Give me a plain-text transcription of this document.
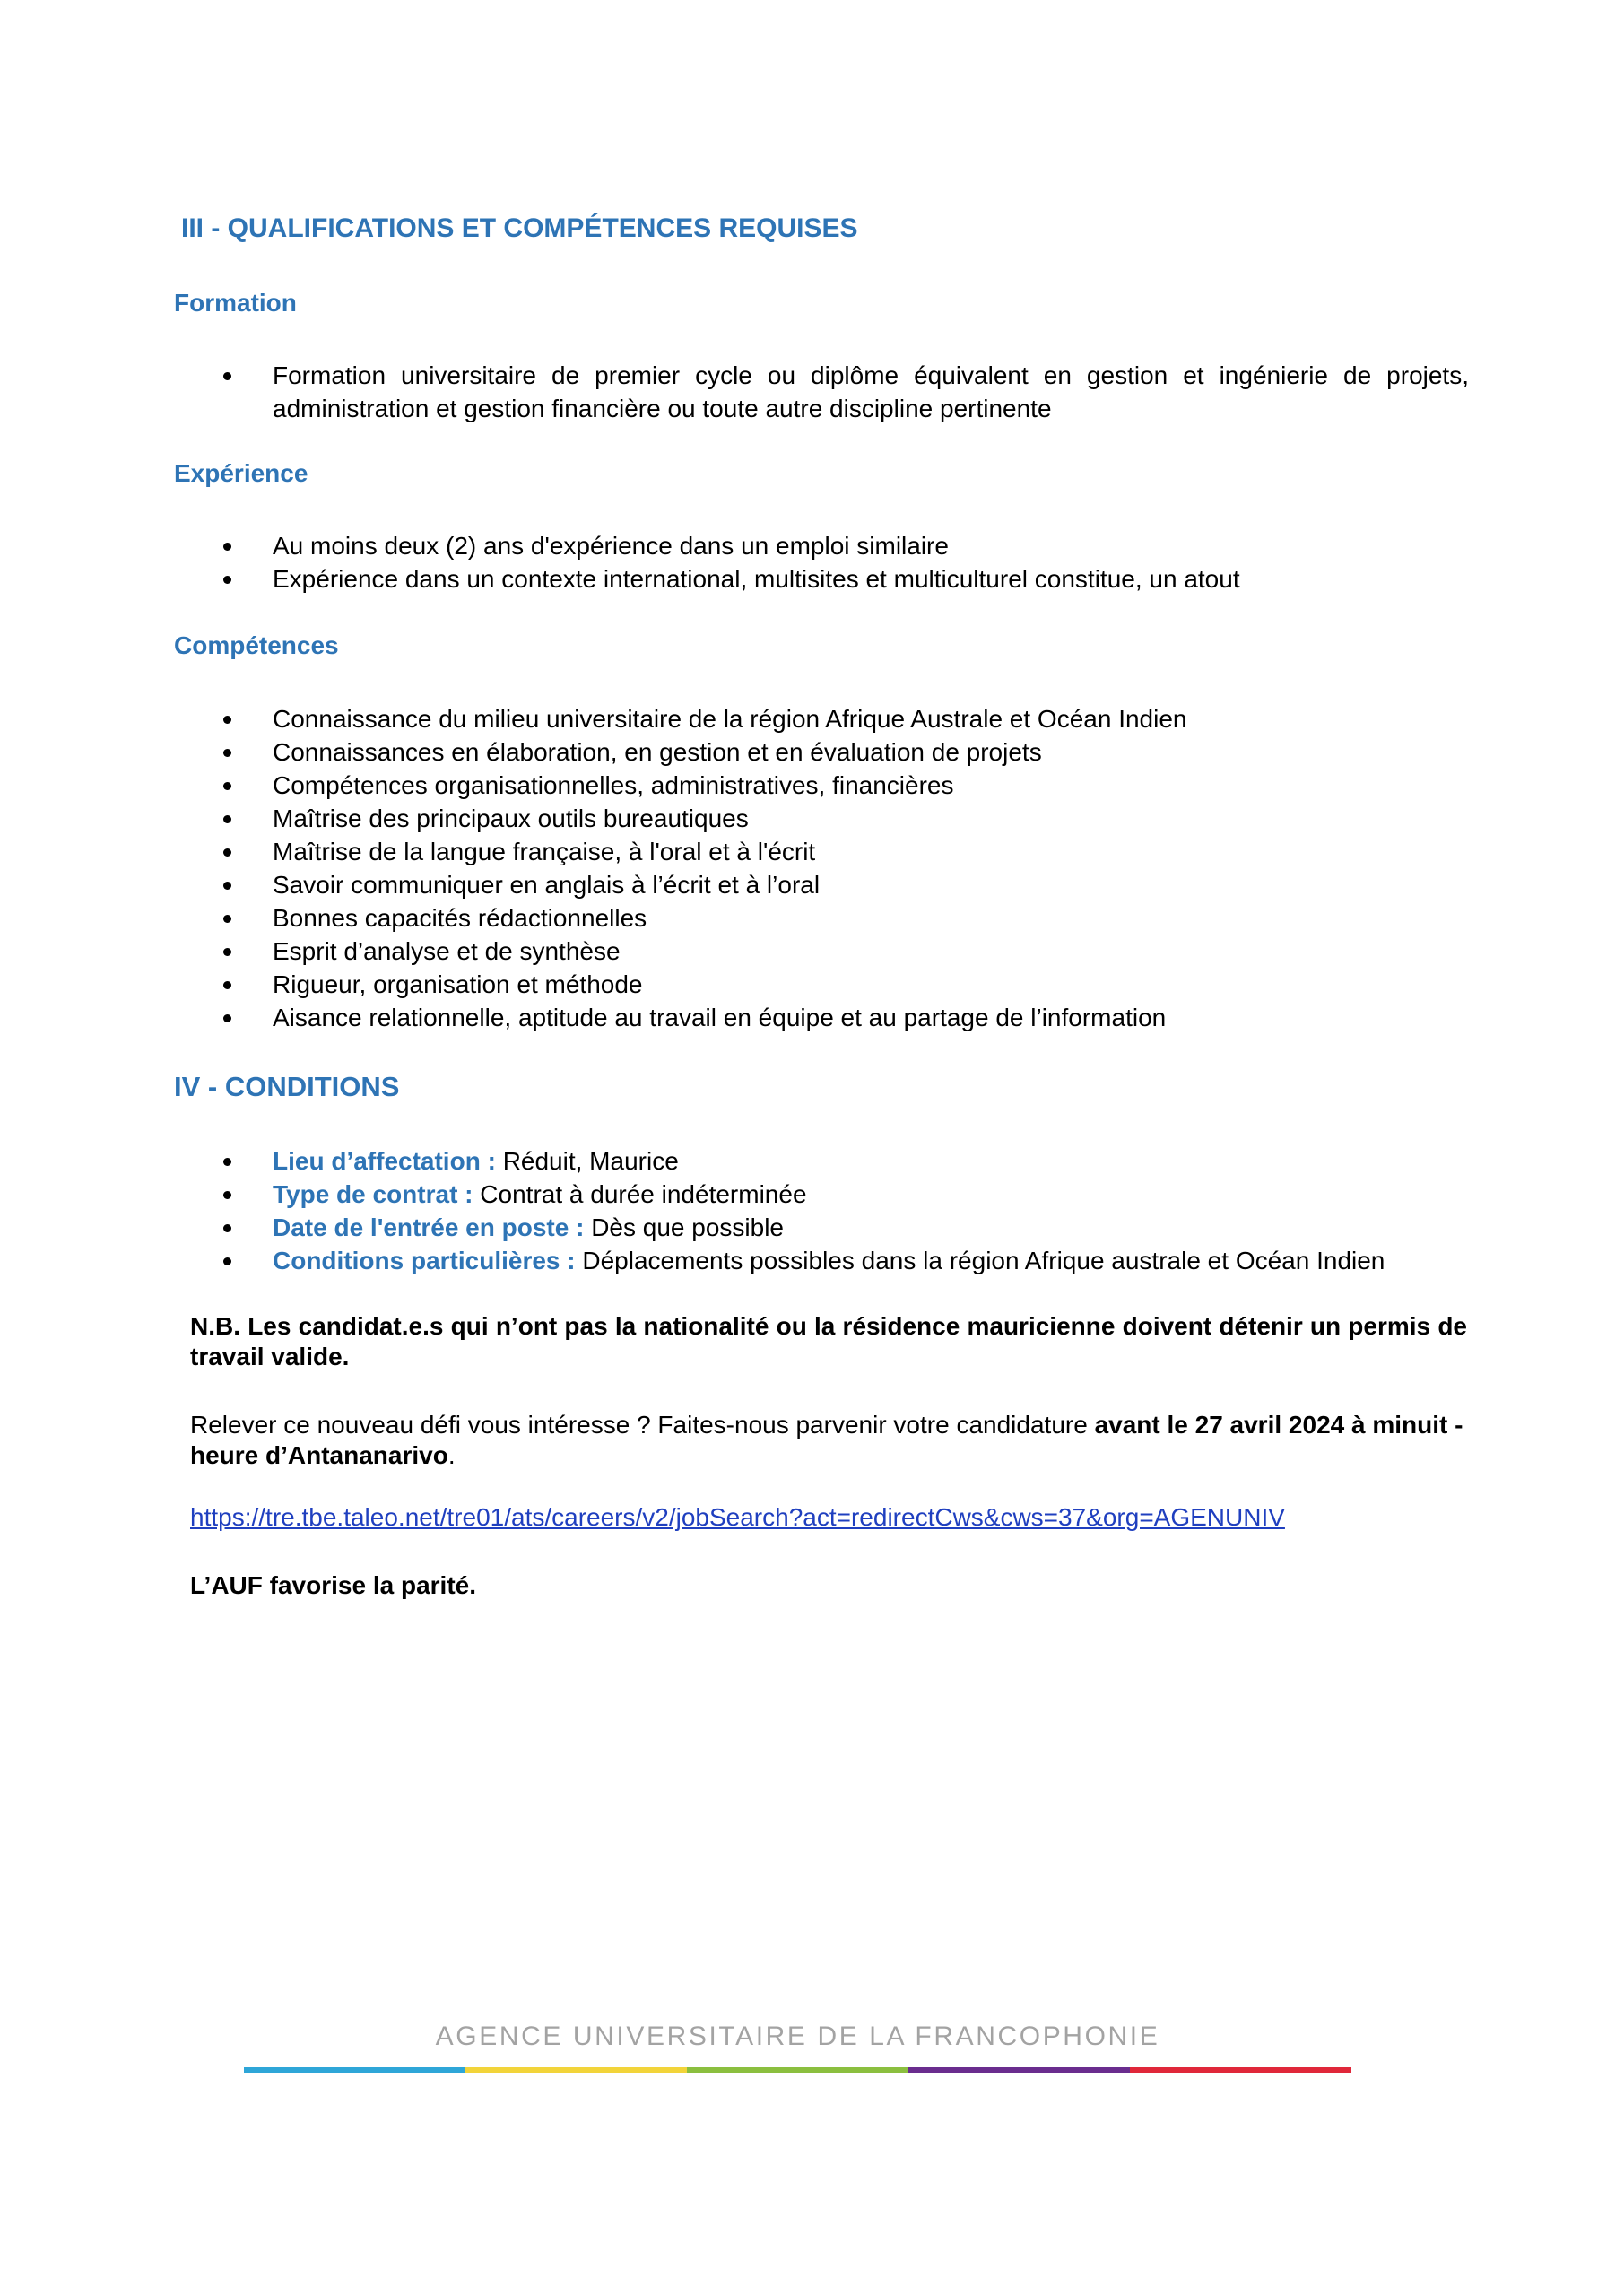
III - QUALIFICATIONS ET COMPÉTENCES REQUISES
Formation
Formation universitaire de premier cycle ou diplôme équivalent en gestion et ingénierie de projets, administration et gestion financière ou toute autre discipline pertinente
Expérience
Au moins deux (2) ans d'expérience dans un emploi similaire
Expérience dans un contexte international, multisites et multiculturel constitue, un atout
Compétences
Connaissance du milieu universitaire de la région Afrique Australe et Océan Indien
Connaissances en élaboration, en gestion et en évaluation de projets
Compétences organisationnelles, administratives, financières
Maîtrise des principaux outils bureautiques
Maîtrise de la langue française, à l'oral et à l'écrit
Savoir communiquer en anglais à l’écrit et à l’oral
Bonnes capacités rédactionnelles
Esprit d’analyse et de synthèse
Rigueur, organisation et méthode
Aisance relationnelle, aptitude au travail en équipe et au partage de l’information
IV - CONDITIONS
Lieu d’affectation : Réduit, Maurice
Type de contrat : Contrat à durée indéterminée
Date de l'entrée en poste : Dès que possible
Conditions particulières : Déplacements possibles dans la région Afrique australe et Océan Indien

N.B. Les candidat.e.s qui n’ont pas la nationalité ou la résidence mauricienne doivent détenir un permis de travail valide.

Relever ce nouveau défi vous intéresse ? Faites-nous parvenir votre candidature avant le 27 avril 2024 à minuit - heure d’Antananarivo.

https://tre.tbe.taleo.net/tre01/ats/careers/v2/jobSearch?act=redirectCws&cws=37&org=AGENUNIV

L’AUF favorise la parité.

AGENCE UNIVERSITAIRE DE LA FRANCOPHONIE
